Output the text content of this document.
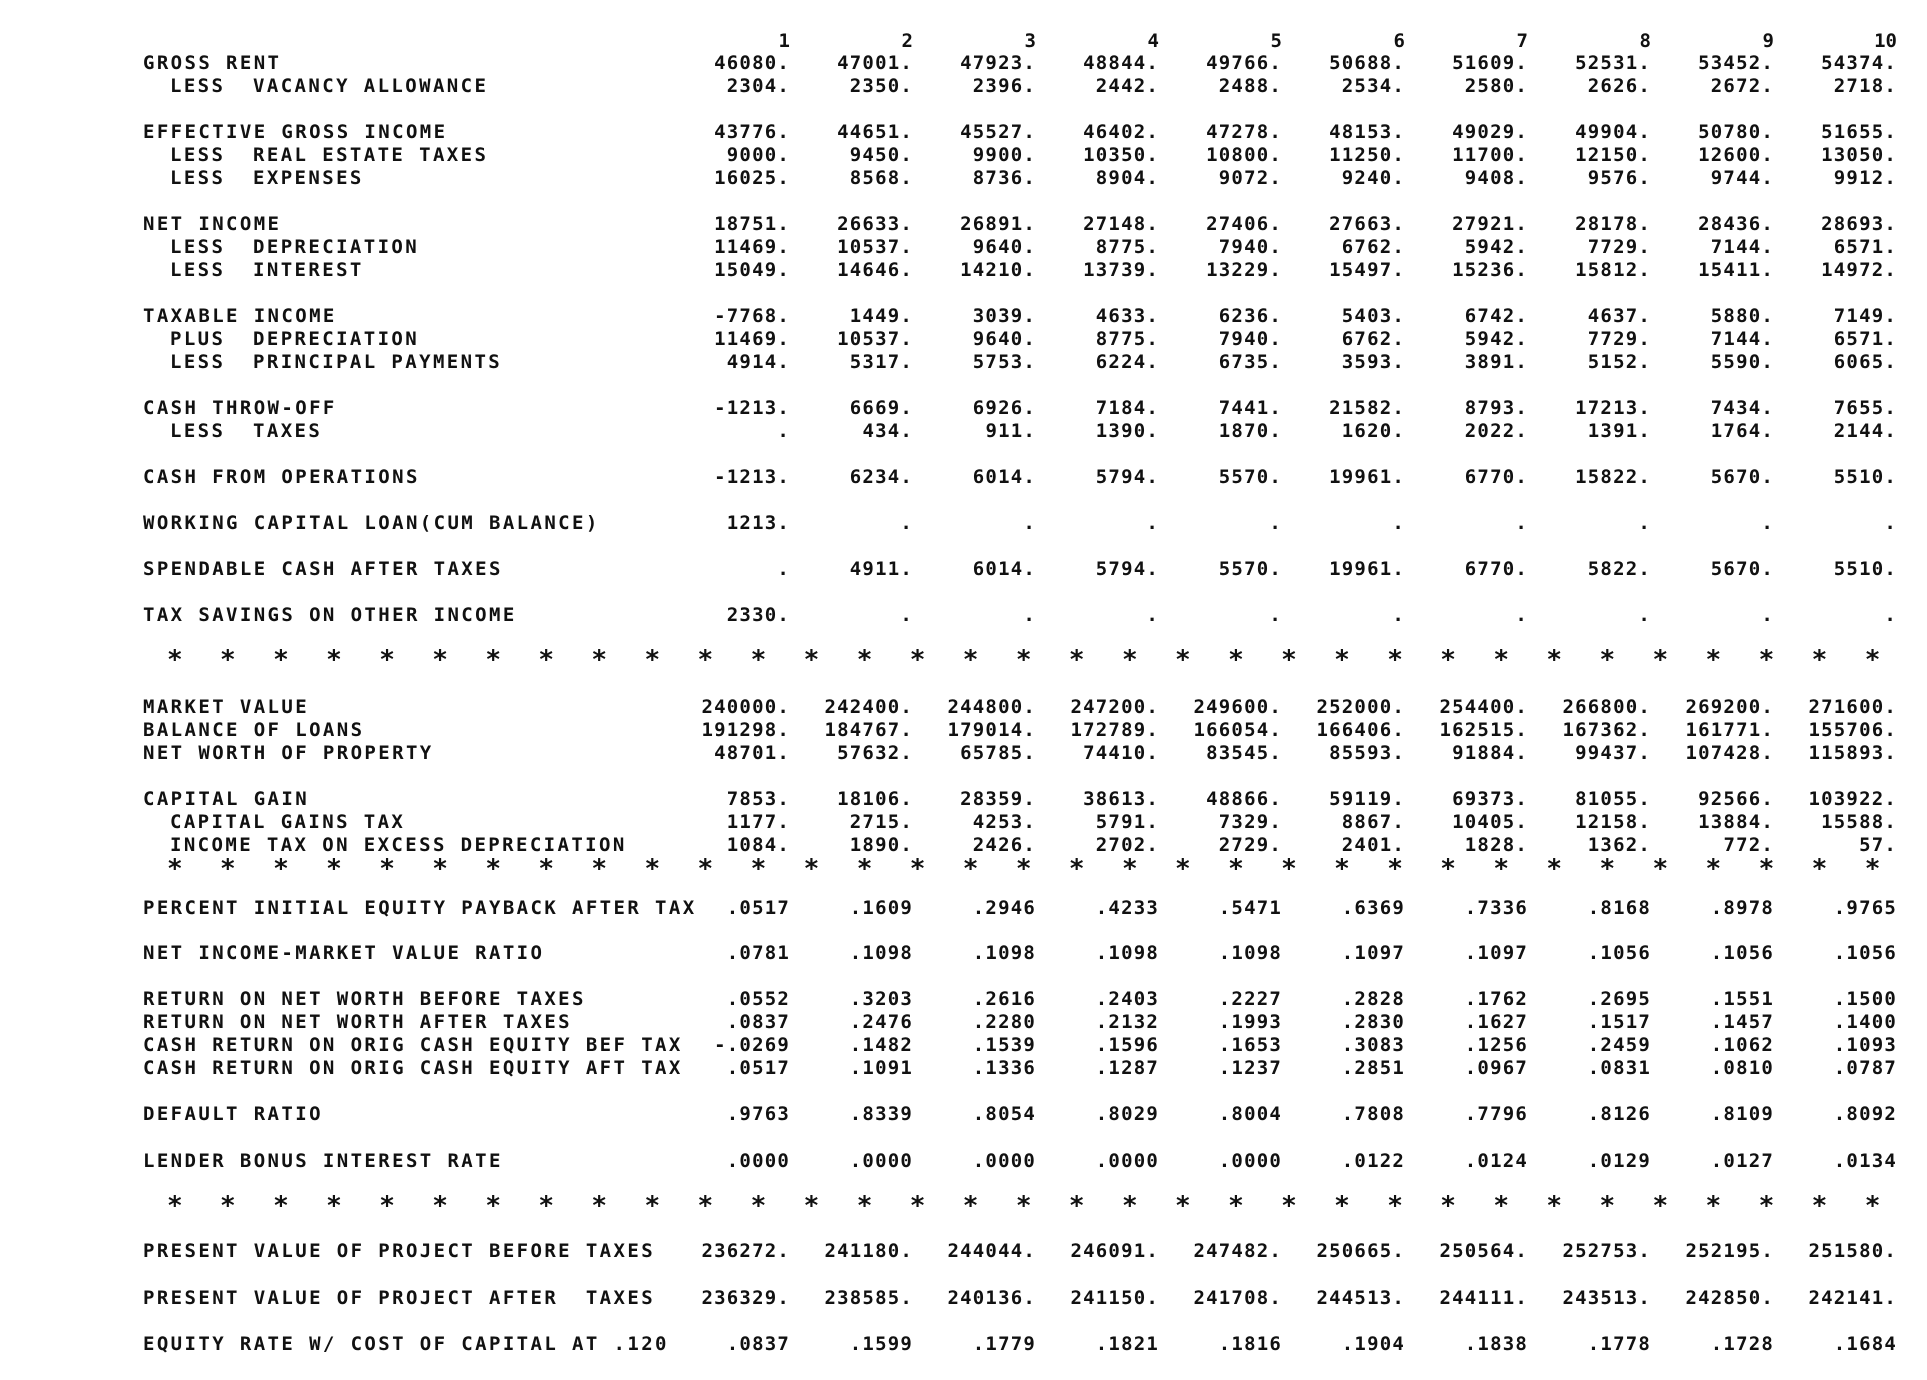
1	2	3	4	5	6	7	8	9	10
GROSS RENT	46080.	47001.	47923.	48844.	49766.	50688.	51609.	52531.	53452.	54374.
LESS  VACANCY ALLOWANCE	2304.	2350.	2396.	2442.	2488.	2534.	2580.	2626.	2672.	2718.
EFFECTIVE GROSS INCOME	43776.	44651.	45527.	46402.	47278.	48153.	49029.	49904.	50780.	51655.
LESS  REAL ESTATE TAXES	9000.	9450.	9900.	10350.	10800.	11250.	11700.	12150.	12600.	13050.
LESS  EXPENSES	16025.	8568.	8736.	8904.	9072.	9240.	9408.	9576.	9744.	9912.
NET INCOME	18751.	26633.	26891.	27148.	27406.	27663.	27921.	28178.	28436.	28693.
LESS  DEPRECIATION	11469.	10537.	9640.	8775.	7940.	6762.	5942.	7729.	7144.	6571.
LESS  INTEREST	15049.	14646.	14210.	13739.	13229.	15497.	15236.	15812.	15411.	14972.
TAXABLE INCOME	-7768.	1449.	3039.	4633.	6236.	5403.	6742.	4637.	5880.	7149.
PLUS  DEPRECIATION	11469.	10537.	9640.	8775.	7940.	6762.	5942.	7729.	7144.	6571.
LESS  PRINCIPAL PAYMENTS	4914.	5317.	5753.	6224.	6735.	3593.	3891.	5152.	5590.	6065.
CASH THROW-OFF	-1213.	6669.	6926.	7184.	7441.	21582.	8793.	17213.	7434.	7655.
LESS  TAXES	.	434.	911.	1390.	1870.	1620.	2022.	1391.	1764.	2144.
CASH FROM OPERATIONS	-1213.	6234.	6014.	5794.	5570.	19961.	6770.	15822.	5670.	5510.
WORKING CAPITAL LOAN(CUM BALANCE)	1213.	.	.	.	.	.	.	.	.	.
SPENDABLE CASH AFTER TAXES	.	4911.	6014.	5794.	5570.	19961.	6770.	5822.	5670.	5510.
TAX SAVINGS ON OTHER INCOME	2330.	.	.	.	.	.	.	.	.	.
MARKET VALUE	240000.	242400.	244800.	247200.	249600.	252000.	254400.	266800.	269200.	271600.
BALANCE OF LOANS	191298.	184767.	179014.	172789.	166054.	166406.	162515.	167362.	161771.	155706.
NET WORTH OF PROPERTY	48701.	57632.	65785.	74410.	83545.	85593.	91884.	99437.	107428.	115893.
CAPITAL GAIN	7853.	18106.	28359.	38613.	48866.	59119.	69373.	81055.	92566.	103922.
CAPITAL GAINS TAX	1177.	2715.	4253.	5791.	7329.	8867.	10405.	12158.	13884.	15588.
INCOME TAX ON EXCESS DEPRECIATION	1084.	1890.	2426.	2702.	2729.	2401.	1828.	1362.	772.	57.
PERCENT INITIAL EQUITY PAYBACK AFTER TAX	.0517	.1609	.2946	.4233	.5471	.6369	.7336	.8168	.8978	.9765
NET INCOME-MARKET VALUE RATIO	.0781	.1098	.1098	.1098	.1098	.1097	.1097	.1056	.1056	.1056
RETURN ON NET WORTH BEFORE TAXES	.0552	.3203	.2616	.2403	.2227	.2828	.1762	.2695	.1551	.1500
RETURN ON NET WORTH AFTER TAXES	.0837	.2476	.2280	.2132	.1993	.2830	.1627	.1517	.1457	.1400
CASH RETURN ON ORIG CASH EQUITY BEF TAX	-.0269	.1482	.1539	.1596	.1653	.3083	.1256	.2459	.1062	.1093
CASH RETURN ON ORIG CASH EQUITY AFT TAX	.0517	.1091	.1336	.1287	.1237	.2851	.0967	.0831	.0810	.0787
DEFAULT RATIO	.9763	.8339	.8054	.8029	.8004	.7808	.7796	.8126	.8109	.8092
LENDER BONUS INTEREST RATE	.0000	.0000	.0000	.0000	.0000	.0122	.0124	.0129	.0127	.0134
PRESENT VALUE OF PROJECT BEFORE TAXES	236272.	241180.	244044.	246091.	247482.	250665.	250564.	252753.	252195.	251580.
PRESENT VALUE OF PROJECT AFTER  TAXES	236329.	238585.	240136.	241150.	241708.	244513.	244111.	243513.	242850.	242141.
EQUITY RATE W/ COST OF CAPITAL AT .120	.0837	.1599	.1779	.1821	.1816	.1904	.1838	.1778	.1728	.1684
*  *  *  *  *  *  *  *  *  *  *  *  *  *  *  *  *  *  *  *  *  *  *  *  *  *  *  *  *  *  *  *  *
*  *  *  *  *  *  *  *  *  *  *  *  *  *  *  *  *  *  *  *  *  *  *  *  *  *  *  *  *  *  *  *  *
*  *  *  *  *  *  *  *  *  *  *  *  *  *  *  *  *  *  *  *  *  *  *  *  *  *  *  *  *  *  *  *  *
